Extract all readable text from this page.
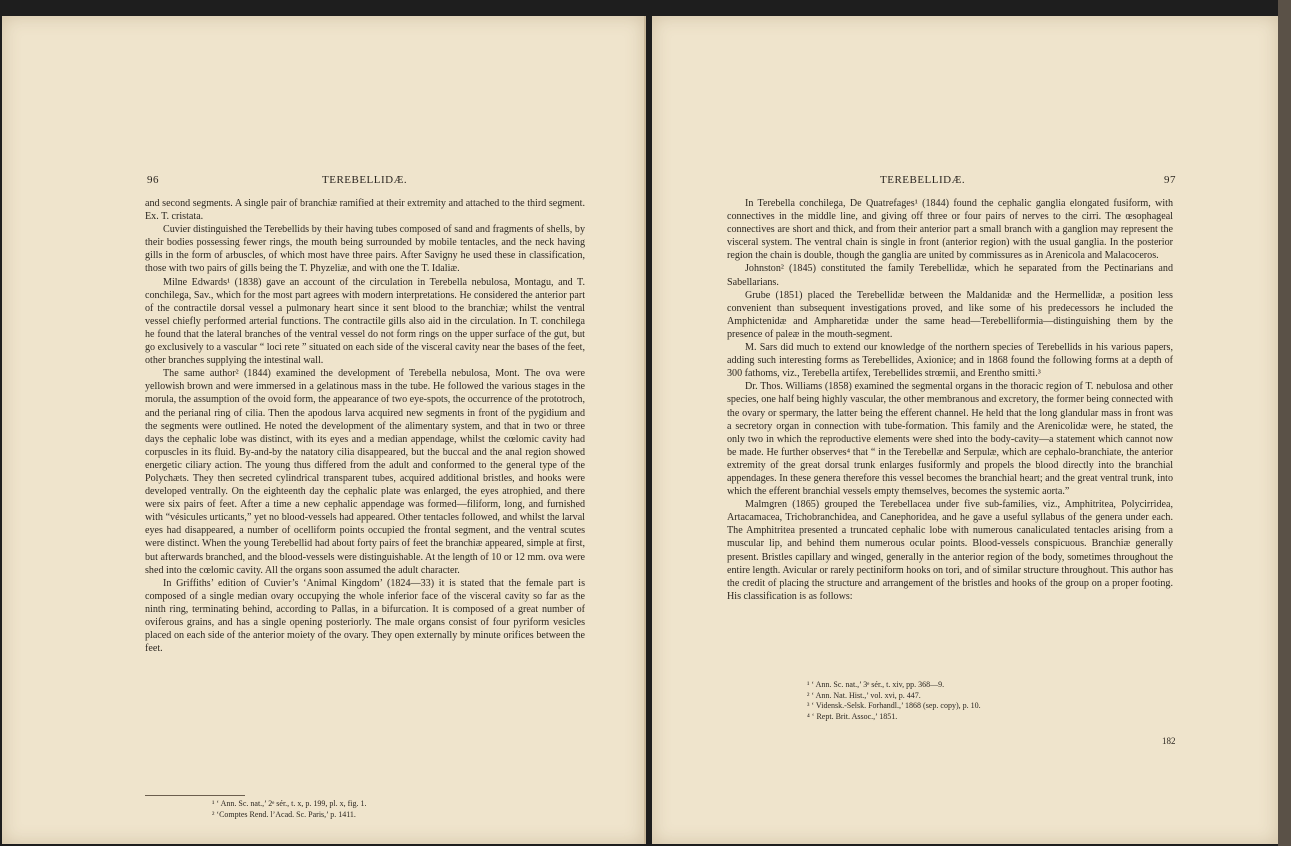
96	TEREBELLIDÆ.

and second segments. A single pair of branchiæ ramified at their extremity and attached to the third segment. Ex. T. cristata.

Cuvier distinguished the Terebellids by their having tubes composed of sand and fragments of shells, by their bodies possessing fewer rings, the mouth being surrounded by mobile tentacles, and the neck having gills in the form of arbuscles, of which most have three pairs. After Savigny he used these in classification, those with two pairs of gills being the T. Phyzeliæ, and with one the T. Idaliæ.

Milne Edwards¹ (1838) gave an account of the circulation in Terebella nebulosa, Montagu, and T. conchilega, Sav., which for the most part agrees with modern interpretations. He considered the anterior part of the contractile dorsal vessel a pulmonary heart since it sent blood to the branchiæ; whilst the ventral vessel chiefly performed arterial functions. The contractile gills also aid in the circulation. In T. conchilega he found that the lateral branches of the ventral vessel do not form rings on the upper surface of the gut, but go exclusively to a vascular “ loci rete ” situated on each side of the visceral cavity near the bases of the feet, other branches supplying the intestinal wall.

The same author² (1844) examined the development of Terebella nebulosa, Mont. The ova were yellowish brown and were immersed in a gelatinous mass in the tube. He followed the various stages in the morula, the assumption of the ovoid form, the appearance of two eye-spots, the occurrence of the prototroch, and the perianal ring of cilia. Then the apodous larva acquired new segments in front of the pygidium and the segments were outlined. He noted the development of the alimentary system, and that in two or three days the cephalic lobe was distinct, with its eyes and a median appendage, whilst the cœlomic cavity had corpuscles in its fluid. By-and-by the natatory cilia disappeared, but the buccal and the anal region showed energetic ciliary action. The young thus differed from the adult and conformed to the general type of the Polychæts. They then secreted cylindrical transparent tubes, acquired additional bristles, and hooks were developed ventrally. On the eighteenth day the cephalic plate was enlarged, the eyes atrophied, and there were six pairs of feet. After a time a new cephalic appendage was formed—filiform, long, and furnished with “vésicules urticants,” yet no blood-vessels had appeared. Other tentacles followed, and whilst the larval eyes had disappeared, a number of ocelliform points occupied the frontal segment, and the ventral scutes were distinct. When the young Terebellid had about forty pairs of feet the branchiæ appeared, simple at first, but afterwards branched, and the blood-vessels were distinguishable. At the length of 10 or 12 mm. ova were shed into the cœlomic cavity. All the organs soon assumed the adult character.

In Griffiths’ edition of Cuvier’s ‘Animal Kingdom’ (1824—33) it is stated that the female part is composed of a single median ovary occupying the whole inferior face of the visceral cavity so far as the ninth ring, terminating behind, according to Pallas, in a bifurcation. It is composed of a great number of oviferous grains, and has a single opening posteriorly. The male organs consist of four pyriform vesicles placed on each side of the anterior moiety of the ovary. They open externally by minute orifices between the feet.

¹ ‘ Ann. Sc. nat.,’ 2ᵉ sér., t. x, p. 199, pl. x, fig. 1.
² ‘Comptes Rend. l’Acad. Sc. Paris,’ p. 1411.
TEREBELLIDÆ.	97

In Terebella conchilega, De Quatrefages¹ (1844) found the cephalic ganglia elongated fusiform, with connectives in the middle line, and giving off three or four pairs of nerves to the cirri. The œsophageal connectives are short and thick, and from their anterior part a small branch with a ganglion may represent the visceral system. The ventral chain is single in front (anterior region) with the usual ganglia. In the posterior region the chain is double, though the ganglia are united by commissures as in Arenicola and Malacoceros.

Johnston² (1845) constituted the family Terebellidæ, which he separated from the Pectinarians and Sabellarians.

Grube (1851) placed the Terebellidæ between the Maldanidæ and the Hermellidæ, a position less convenient than subsequent investigations proved, and like some of his predecessors he included the Amphictenidæ and Ampharetidæ under the same head—Terebelliformia—distinguishing them by the presence of paleæ in the mouth-segment.

M. Sars did much to extend our knowledge of the northern species of Terebellids in his various papers, adding such interesting forms as Terebellides, Axionice; and in 1868 found the following forms at a depth of 300 fathoms, viz., Terebella artifex, Terebellides strœmii, and Erentho smitti.³

Dr. Thos. Williams (1858) examined the segmental organs in the thoracic region of T. nebulosa and other species, one half being highly vascular, the other membranous and excretory, the former being connected with the ovary or spermary, the latter being the efferent channel. He held that the long glandular mass in front was a secretory organ in connection with tube-formation. This family and the Arenicolidæ were, he stated, the only two in which the reproductive elements were shed into the body-cavity—a statement which cannot now be made. He further observes⁴ that “ in the Terebellæ and Serpulæ, which are cephalo-branchiate, the anterior extremity of the great dorsal trunk enlarges fusiformly and propels the blood directly into the branchial appendages. In these genera therefore this vessel becomes the branchial heart; and the great ventral trunk, into which the efferent branchial vessels empty themselves, becomes the systemic aorta.”

Malmgren (1865) grouped the Terebellacea under five sub-families, viz., Amphitritea, Polycirridea, Artacamacea, Trichobranchidea, and Canephoridea, and he gave a useful syllabus of the genera under each. The Amphitritea presented a truncated cephalic lobe with numerous canaliculated tentacles arising from a muscular lip, and behind them numerous ocular points. Blood-vessels conspicuous. Branchiæ generally present. Bristles capillary and winged, generally in the anterior region of the body, sometimes throughout the entire length. Avicular or rarely pectiniform hooks on tori, and of similar structure throughout. This author has the credit of placing the structure and arrangement of the bristles and hooks of the group on a proper footing. His classification is as follows:

¹ ‘ Ann. Sc. nat.,’ 3ᵉ sér., t. xiv, pp. 368—9.
² ‘ Ann. Nat. Hist.,’ vol. xvi, p. 447.
³ ‘ Vidensk.-Selsk. Forhandl.,’ 1868 (sep. copy), p. 10.
⁴ ‘ Rept. Brit. Assoc.,’ 1851.
182
